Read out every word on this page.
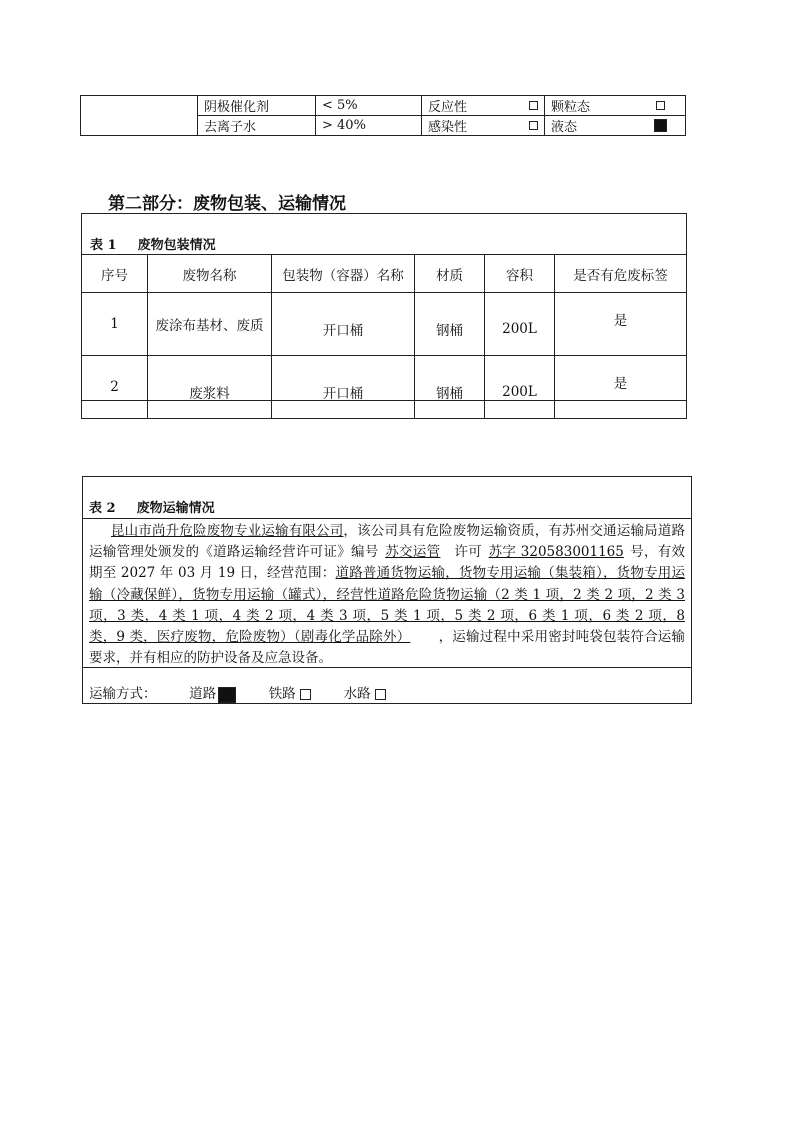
	阴极催化剂	< 5%	反应性	颗粒态

	去离子水	> 40%	感染性	液态
第二部分：废物包装、运输情况
表 1 废物包装情况
序号	废物名称	包装物（容器）名称	材质	容积	是否有危废标签
1	废涂布基材、废质	开口桶	钢桶	200L	是
2	废浆料	开口桶	钢桶	200L	是
表 2 废物运输情况
昆山市尚升危险废物专业运输有限公司，该公司具有危险废物运输资质，有苏州交通运输局道路运输管理处颁发的《道路运输经营许可证》编号 苏交运管 许可 苏字 320583001165 号，有效期至 2027 年 03 月 19 日，经营范围：道路普通货物运输，货物专用运输（集装箱），货物专用运输（冷藏保鲜），货物专用运输（罐式），经营性道路危险货物运输（2 类 1 项，2 类 2 项，2 类 3 项，3 类，4 类 1 项，4 类 2 项，4 类 3 项，5 类 1 项，5 类 2 项，6 类 1 项，6 类 2 项，8 类，9 类，医疗废物，危险废物）（剧毒化学品除外） ，运输过程中采用密封吨袋包装符合运输要求，并有相应的防护设备及应急设备。
运输方式： 道路	铁路	水路
